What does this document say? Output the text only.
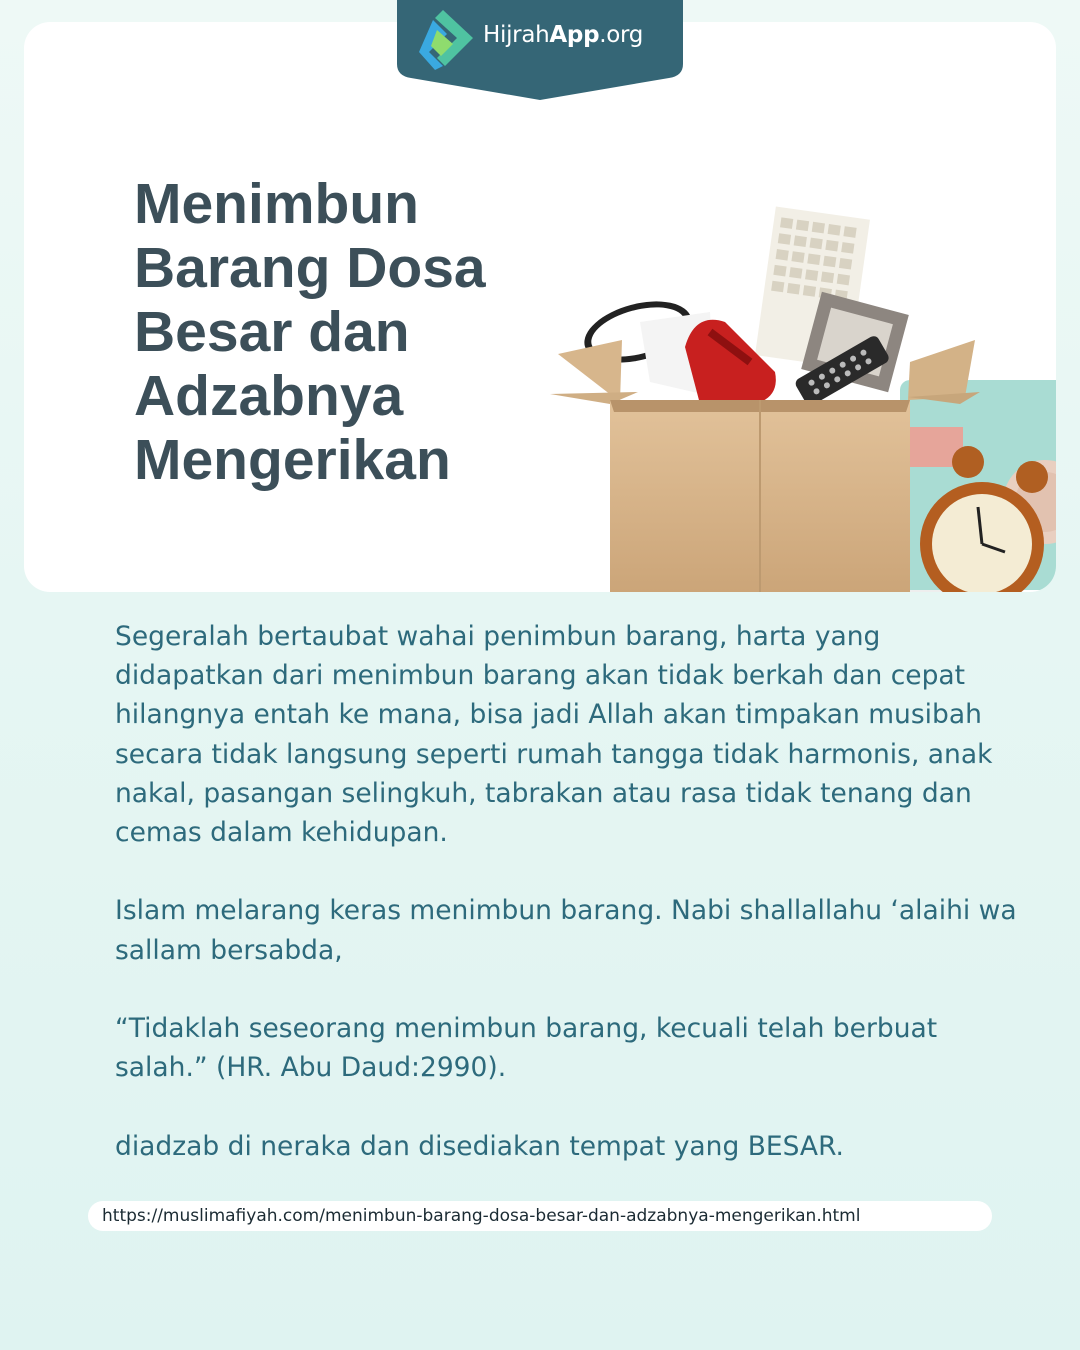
Menimbun Barang Dosa Besar dan Adzabnya Mengerikan
HijrahApp.org

Segeralah bertaubat wahai penimbun barang, harta yang didapatkan dari menimbun barang akan tidak berkah dan cepat hilangnya entah ke mana, bisa jadi Allah akan timpakan musibah secara tidak langsung seperti rumah tangga tidak harmonis, anak nakal, pasangan selingkuh, tabrakan atau rasa tidak tenang dan cemas dalam kehidupan.

Islam melarang keras menimbun barang. Nabi shallallahu ‘alaihi wa sallam bersabda,

“Tidaklah seseorang menimbun barang, kecuali telah berbuat salah.” (HR. Abu Daud:2990).

diadzab di neraka dan disediakan tempat yang BESAR.

https://muslimafiyah.com/menimbun-barang-dosa-besar-dan-adzabnya-mengerikan.html
